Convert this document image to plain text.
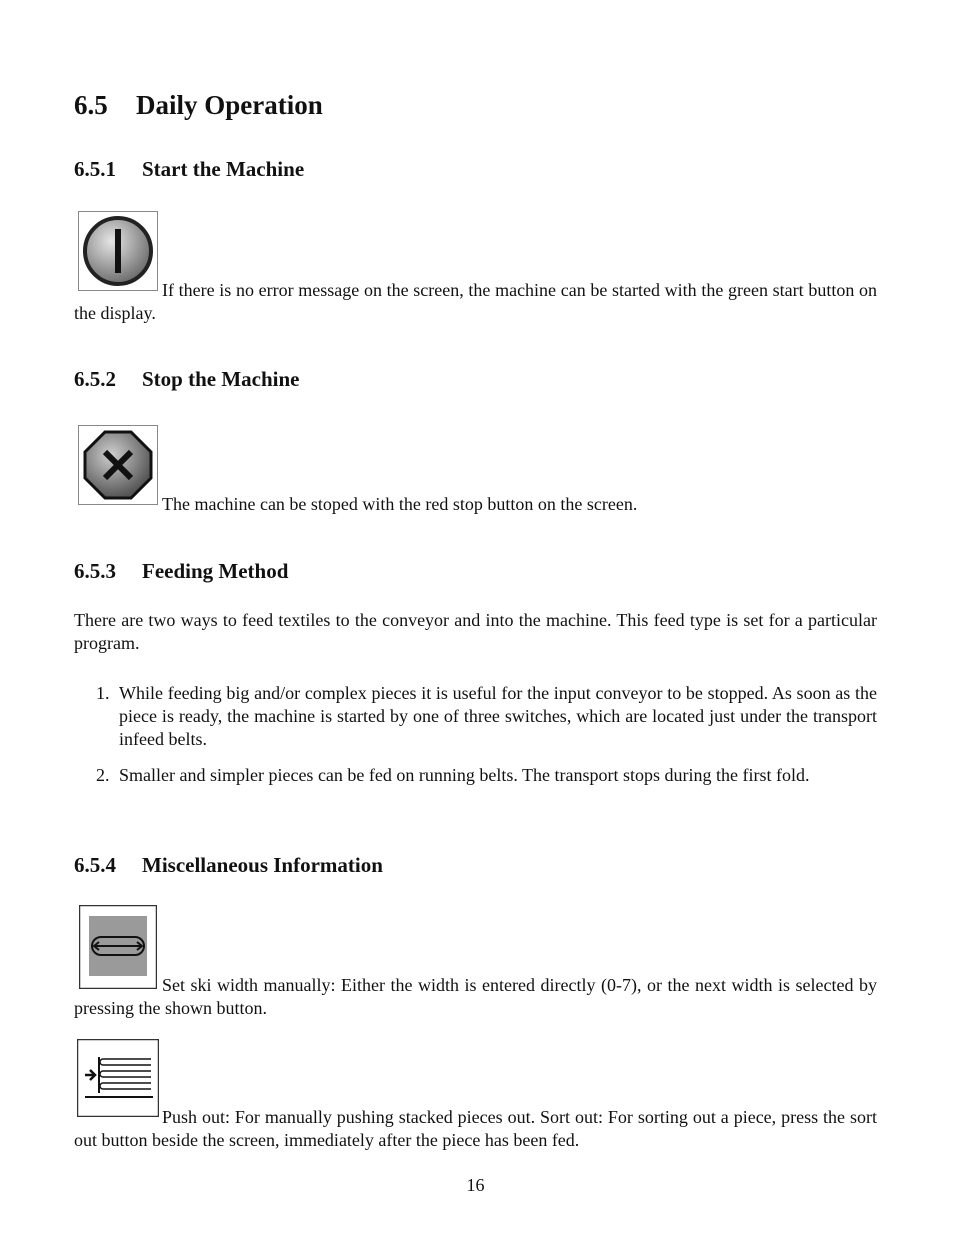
6.5 Daily Operation
6.5.1 Start the Machine
If there is no error message on the screen, the machine can be started with the green start button on the display.
6.5.2 Stop the Machine
The machine can be stoped with the red stop button on the screen.
6.5.3 Feeding Method

There are two ways to feed textiles to the conveyor and into the machine. This feed type is set for a particular program.

1. While feeding big and/or complex pieces it is useful for the input conveyor to be stopped. As soon as the piece is ready, the machine is started by one of three switches, which are located just under the transport infeed belts.
2. Smaller and simpler pieces can be fed on running belts. The transport stops during the first fold.
6.5.4 Miscellaneous Information
Set ski width manually: Either the width is entered directly (0-7), or the next width is selected by pressing the shown button.
Push out: For manually pushing stacked pieces out. Sort out: For sorting out a piece, press the sort out button beside the screen, immediately after the piece has been fed.
16
